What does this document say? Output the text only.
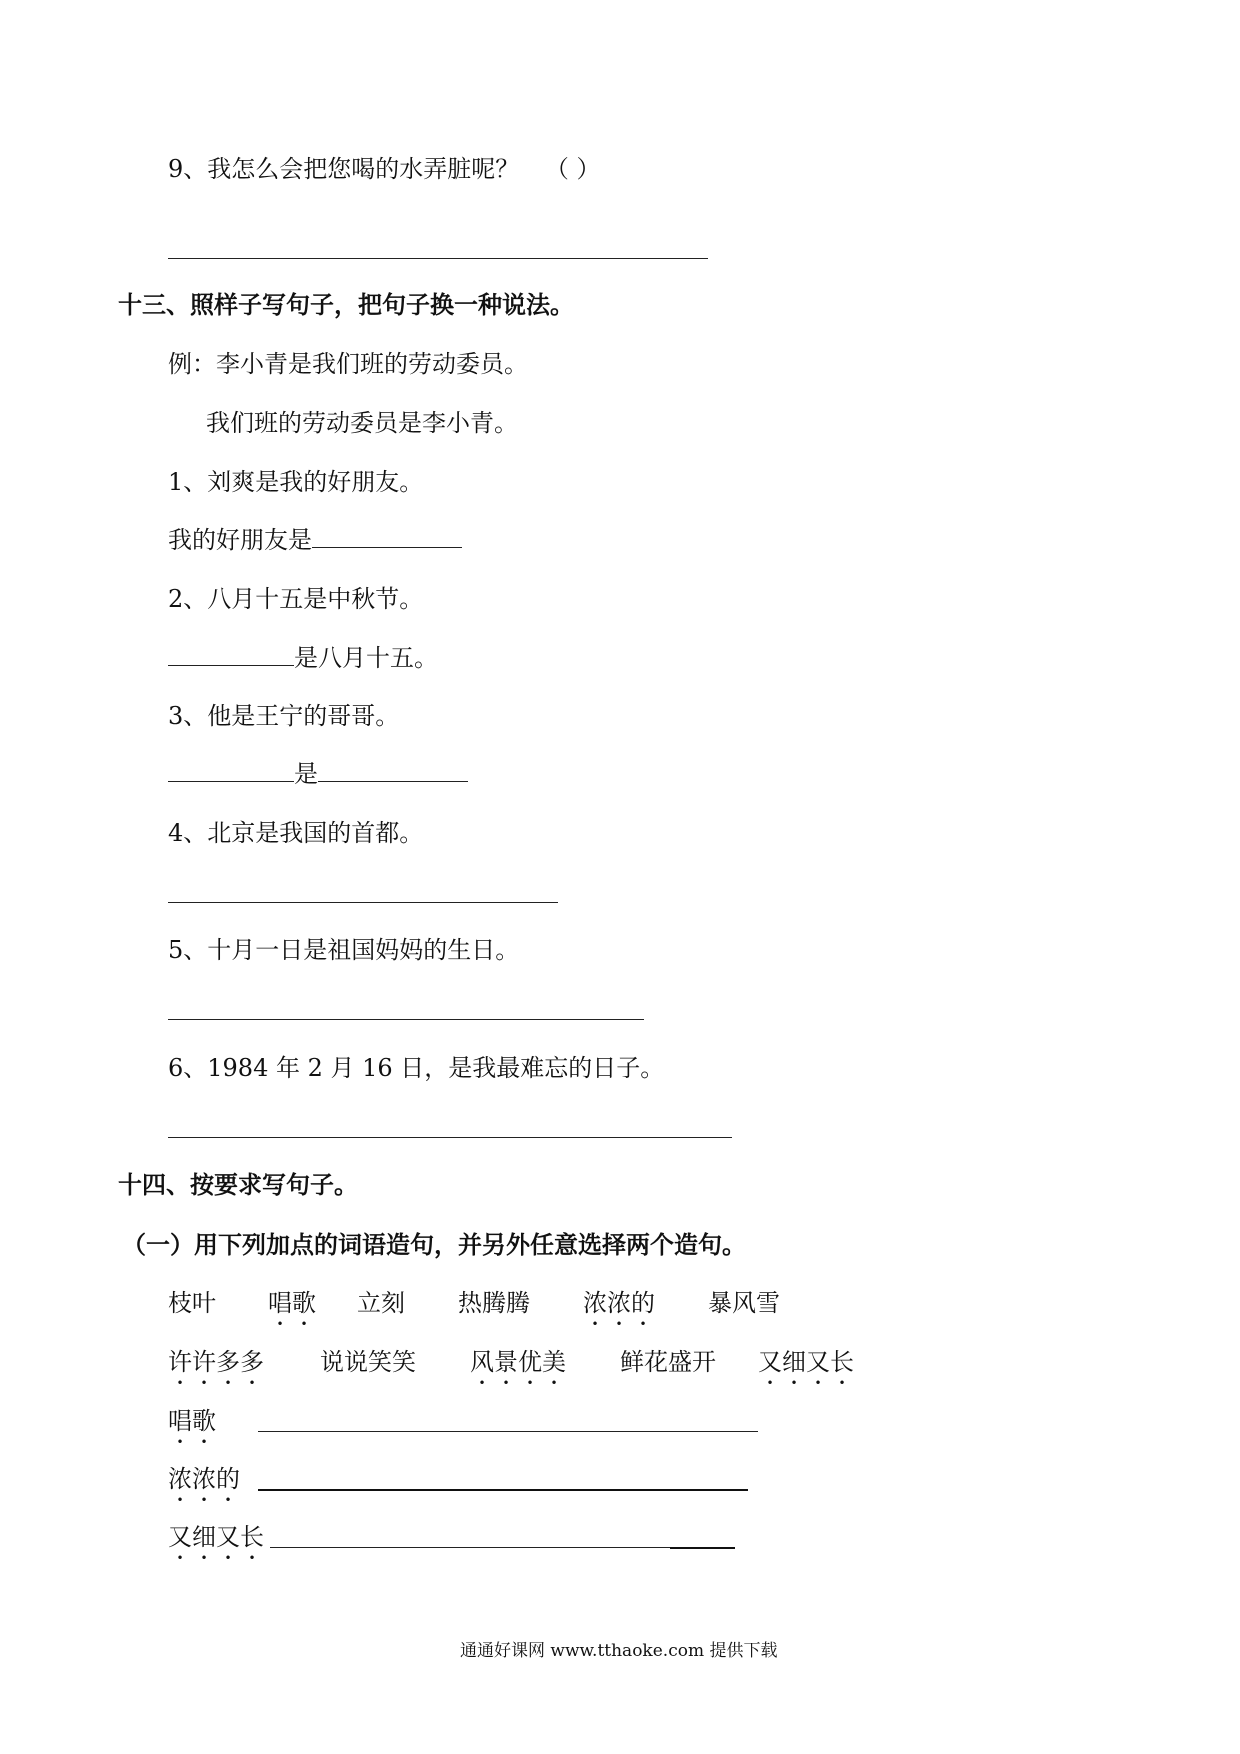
9、我怎么会把您喝的水弄脏呢？ （ ）
十三、照样子写句子，把句子换一种说法。
例：李小青是我们班的劳动委员。
我们班的劳动委员是李小青。
1、刘爽是我的好朋友。
我的好朋友是
2、八月十五是中秋节。
是八月十五。
3、他是王宁的哥哥。
是
4、北京是我国的首都。
5、十月一日是祖国妈妈的生日。
6、1984 年 2 月 16 日，是我最难忘的日子。
十四、按要求写句子。
（一）用下列加点的词语造句，并另外任意选择两个造句。
枝叶 唱歌 立刻 热腾腾 浓浓的 暴风雪
许许多多 说说笑笑 风景优美 鲜花盛开 又细又长
唱歌
浓浓的
又细又长
通通好课网 www.tthaoke.com 提供下载
